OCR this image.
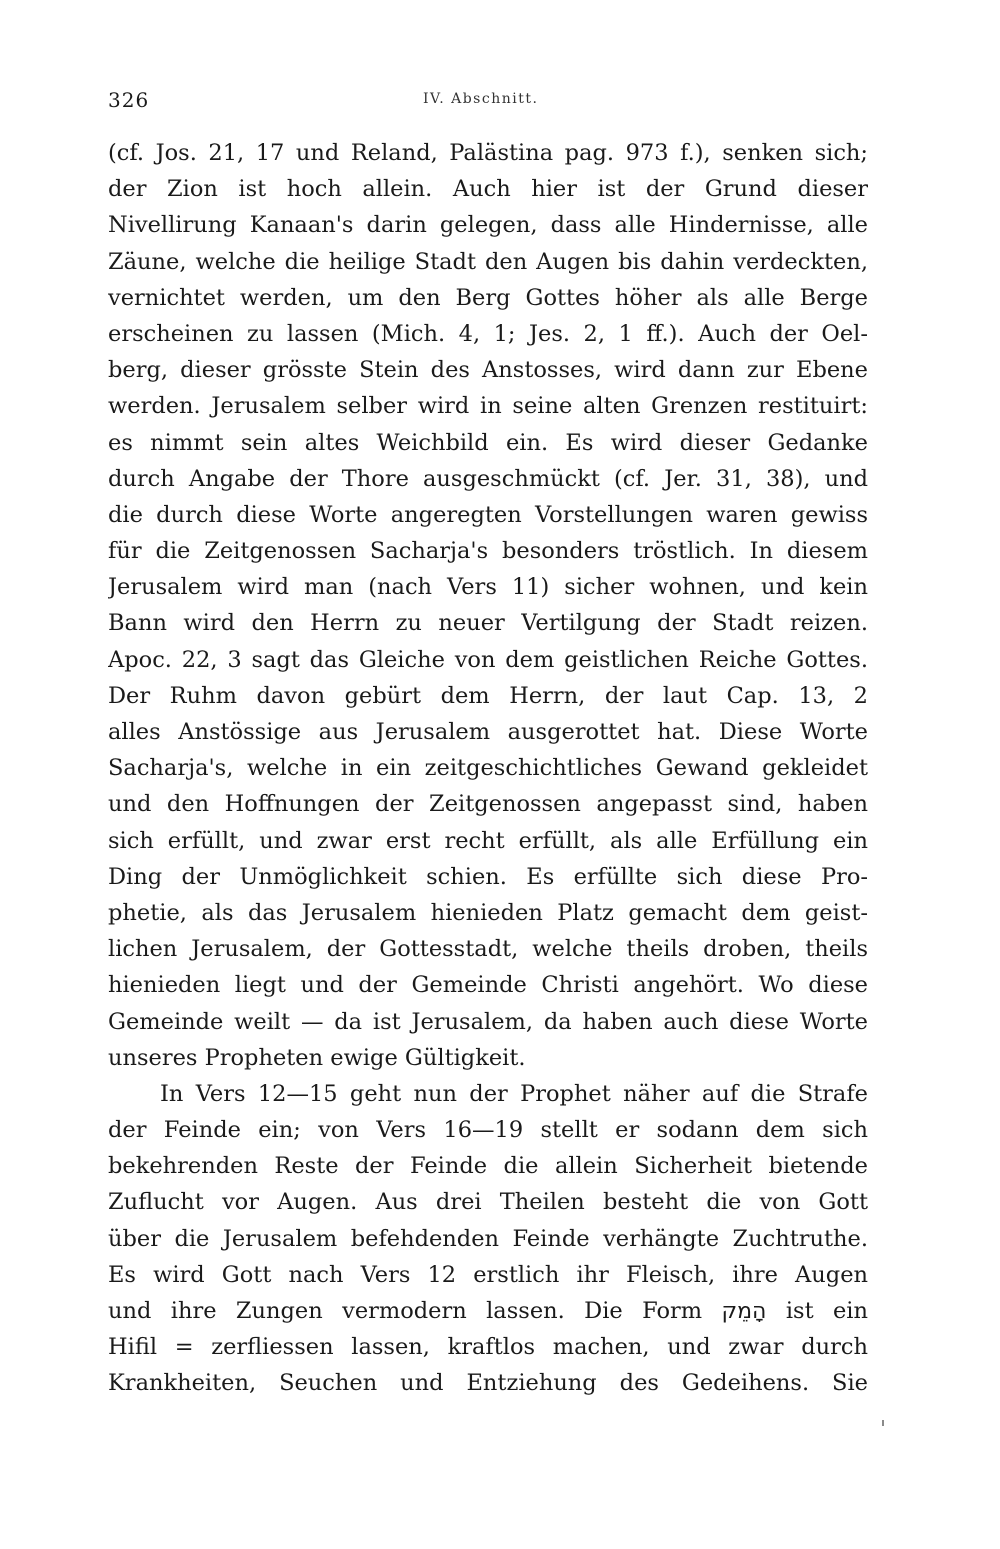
326	IV. Abschnitt.
(cf. Jos. 21, 17 und Reland, Palästina pag. 973 f.), senken sich;
der Zion ist hoch allein. Auch hier ist der Grund dieser
Nivellirung Kanaan's darin gelegen, dass alle Hindernisse, alle
Zäune, welche die heilige Stadt den Augen bis dahin verdeckten,
vernichtet werden, um den Berg Gottes höher als alle Berge
erscheinen zu lassen (Mich. 4, 1; Jes. 2, 1 ff.). Auch der Oel-
berg, dieser grösste Stein des Anstosses, wird dann zur Ebene
werden. Jerusalem selber wird in seine alten Grenzen restituirt:
es nimmt sein altes Weichbild ein. Es wird dieser Gedanke
durch Angabe der Thore ausgeschmückt (cf. Jer. 31, 38), und
die durch diese Worte angeregten Vorstellungen waren gewiss
für die Zeitgenossen Sacharja's besonders tröstlich. In diesem
Jerusalem wird man (nach Vers 11) sicher wohnen, und kein
Bann wird den Herrn zu neuer Vertilgung der Stadt reizen.
Apoc. 22, 3 sagt das Gleiche von dem geistlichen Reiche Gottes.
Der Ruhm davon gebürt dem Herrn, der laut Cap. 13, 2
alles Anstössige aus Jerusalem ausgerottet hat. Diese Worte
Sacharja's, welche in ein zeitgeschichtliches Gewand gekleidet
und den Hoffnungen der Zeitgenossen angepasst sind, haben
sich erfüllt, und zwar erst recht erfüllt, als alle Erfüllung ein
Ding der Unmöglichkeit schien. Es erfüllte sich diese Pro-
phetie, als das Jerusalem hienieden Platz gemacht dem geist-
lichen Jerusalem, der Gottesstadt, welche theils droben, theils
hienieden liegt und der Gemeinde Christi angehört. Wo diese
Gemeinde weilt — da ist Jerusalem, da haben auch diese Worte
unseres Propheten ewige Gültigkeit.
In Vers 12—15 geht nun der Prophet näher auf die Strafe
der Feinde ein; von Vers 16—19 stellt er sodann dem sich
bekehrenden Reste der Feinde die allein Sicherheit bietende
Zuflucht vor Augen. Aus drei Theilen besteht die von Gott
über die Jerusalem befehdenden Feinde verhängte Zuchtruthe.
Es wird Gott nach Vers 12 erstlich ihr Fleisch, ihre Augen
und ihre Zungen vermodern lassen. Die Form הָמֵק ist ein
Hifil = zerfliessen lassen, kraftlos machen, und zwar durch
Krankheiten, Seuchen und Entziehung des Gedeihens. Sie
